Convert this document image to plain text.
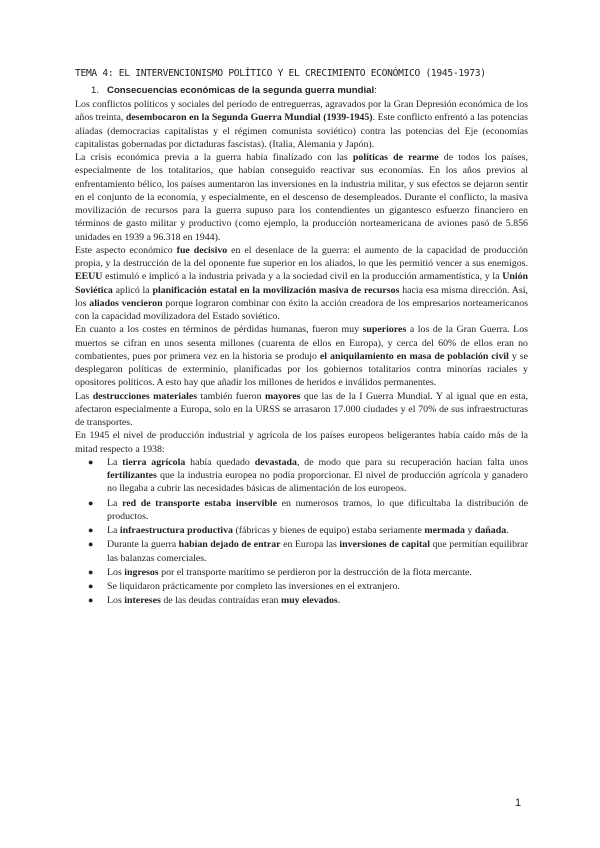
TEMA 4: EL INTERVENCIONISMO POLÍTICO Y EL CRECIMIENTO ECONÓMICO (1945-1973)
1. Consecuencias económicas de la segunda guerra mundial:

Los conflictos políticos y sociales del período de entreguerras, agravados por la Gran Depresión económica de los años treinta, desembocaron en la Segunda Guerra Mundial (1939-1945). Este conflicto enfrentó a las potencias aliadas (democracias capitalistas y el régimen comunista soviético) contra las potencias del Eje (economías capitalistas gobernadas por dictaduras fascistas). (Italia, Alemania y Japón).

La crisis económica previa a la guerra había finalizado con las políticas de rearme de todos los países, especialmente de los totalitarios, que habían conseguido reactivar sus economías. En los años previos al enfrentamiento bélico, los países aumentaron las inversiones en la industria militar, y sus efectos se dejaron sentir en el conjunto de la economía, y especialmente, en el descenso de desempleados. Durante el conflicto, la masiva movilización de recursos para la guerra supuso para los contendientes un gigantesco esfuerzo financiero en términos de gasto militar y productivo (como ejemplo, la producción norteamericana de aviones pasó de 5.856 unidades en 1939 a 96.318 en 1944).

Este aspecto económico fue decisivo en el desenlace de la guerra: el aumento de la capacidad de producción propia, y la destrucción de la del oponente fue superior en los aliados, lo que les permitió vencer a sus enemigos. EEUU estimuló e implicó a la industria privada y a la sociedad civil en la producción armamentística, y la Unión Soviética aplicó la planificación estatal en la movilización masiva de recursos hacia esa misma dirección. Así, los aliados vencieron porque lograron combinar con éxito la acción creadora de los empresarios norteamericanos con la capacidad movilizadora del Estado soviético.

En cuanto a los costes en términos de pérdidas humanas, fueron muy superiores a los de la Gran Guerra. Los muertos se cifran en unos sesenta millones (cuarenta de ellos en Europa), y cerca del 60% de ellos eran no combatientes, pues por primera vez en la historia se produjo el aniquilamiento en masa de población civil y se desplegaron políticas de exterminio, planificadas por los gobiernos totalitarios contra minorías raciales y opositores políticos. A esto hay que añadir los millones de heridos e inválidos permanentes.

Las destrucciones materiales también fueron mayores que las de la I Guerra Mundial. Y al igual que en esta, afectaron especialmente a Europa, solo en la URSS se arrasaron 17.000 ciudades y el 70% de sus infraestructuras de transportes.

En 1945 el nivel de producción industrial y agrícola de los países europeos beligerantes había caído más de la mitad respecto a 1938:

● La tierra agrícola había quedado devastada, de modo que para su recuperación hacían falta unos fertilizantes que la industria europea no podía proporcionar. El nivel de producción agrícola y ganadero no llegaba a cubrir las necesidades básicas de alimentación de los europeos.
● La red de transporte estaba inservible en numerosos tramos, lo que dificultaba la distribución de productos.
● La infraestructura productiva (fábricas y bienes de equipo) estaba seriamente mermada y dañada.
● Durante la guerra habían dejado de entrar en Europa las inversiones de capital que permitían equilibrar las balanzas comerciales.
● Los ingresos por el transporte marítimo se perdieron por la destrucción de la flota mercante.
● Se liquidaron prácticamente por completo las inversiones en el extranjero.
● Los intereses de las deudas contraídas eran muy elevados.
1
